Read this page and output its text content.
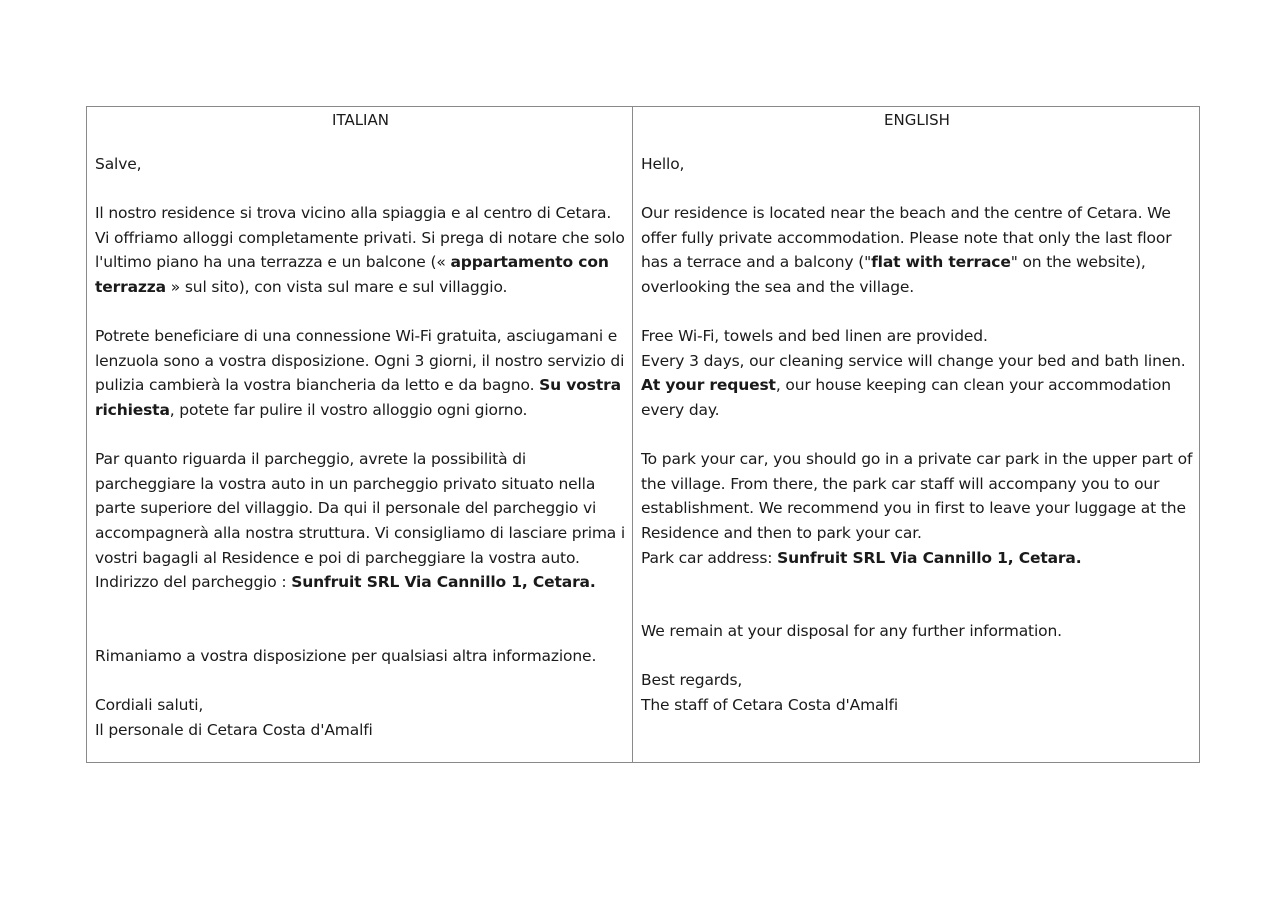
ITALIAN

Salve,

Il nostro residence si trova vicino alla spiaggia e al centro di Cetara. Vi offriamo alloggi completamente privati. Si prega di notare che solo l'ultimo piano ha una terrazza e un balcone (« appartamento con terrazza » sul sito), con vista sul mare e sul villaggio.

Potrete beneficiare di una connessione Wi-Fi gratuita, asciugamani e lenzuola sono a vostra disposizione. Ogni 3 giorni, il nostro servizio di pulizia cambierà la vostra biancheria da letto e da bagno. Su vostra richiesta, potete far pulire il vostro alloggio ogni giorno.

Par quanto riguarda il parcheggio, avrete la possibilità di parcheggiare la vostra auto in un parcheggio privato situato nella parte superiore del villaggio. Da qui il personale del parcheggio vi accompagnerà alla nostra struttura. Vi consigliamo di lasciare prima i vostri bagagli al Residence e poi di parcheggiare la vostra auto. Indirizzo del parcheggio : Sunfruit SRL Via Cannillo 1, Cetara.

Rimaniamo a vostra disposizione per qualsiasi altra informazione.

Cordiali saluti,

Il personale di Cetara Costa d'Amalfi

ENGLISH

Hello,

Our residence is located near the beach and the centre of Cetara. We offer fully private accommodation. Please note that only the last floor has a terrace and a balcony ("flat with terrace" on the website), overlooking the sea and the village.

Free Wi-Fi, towels and bed linen are provided.

Every 3 days, our cleaning service will change your bed and bath linen.

At your request, our house keeping can clean your accommodation every day.

To park your car, you should go in a private car park in the upper part of the village. From there, the park car staff will accompany you to our establishment. We recommend you in first to leave your luggage at the Residence and then to park your car.

Park car address: Sunfruit SRL Via Cannillo 1, Cetara.

We remain at your disposal for any further information.

Best regards,

The staff of Cetara Costa d'Amalfi
